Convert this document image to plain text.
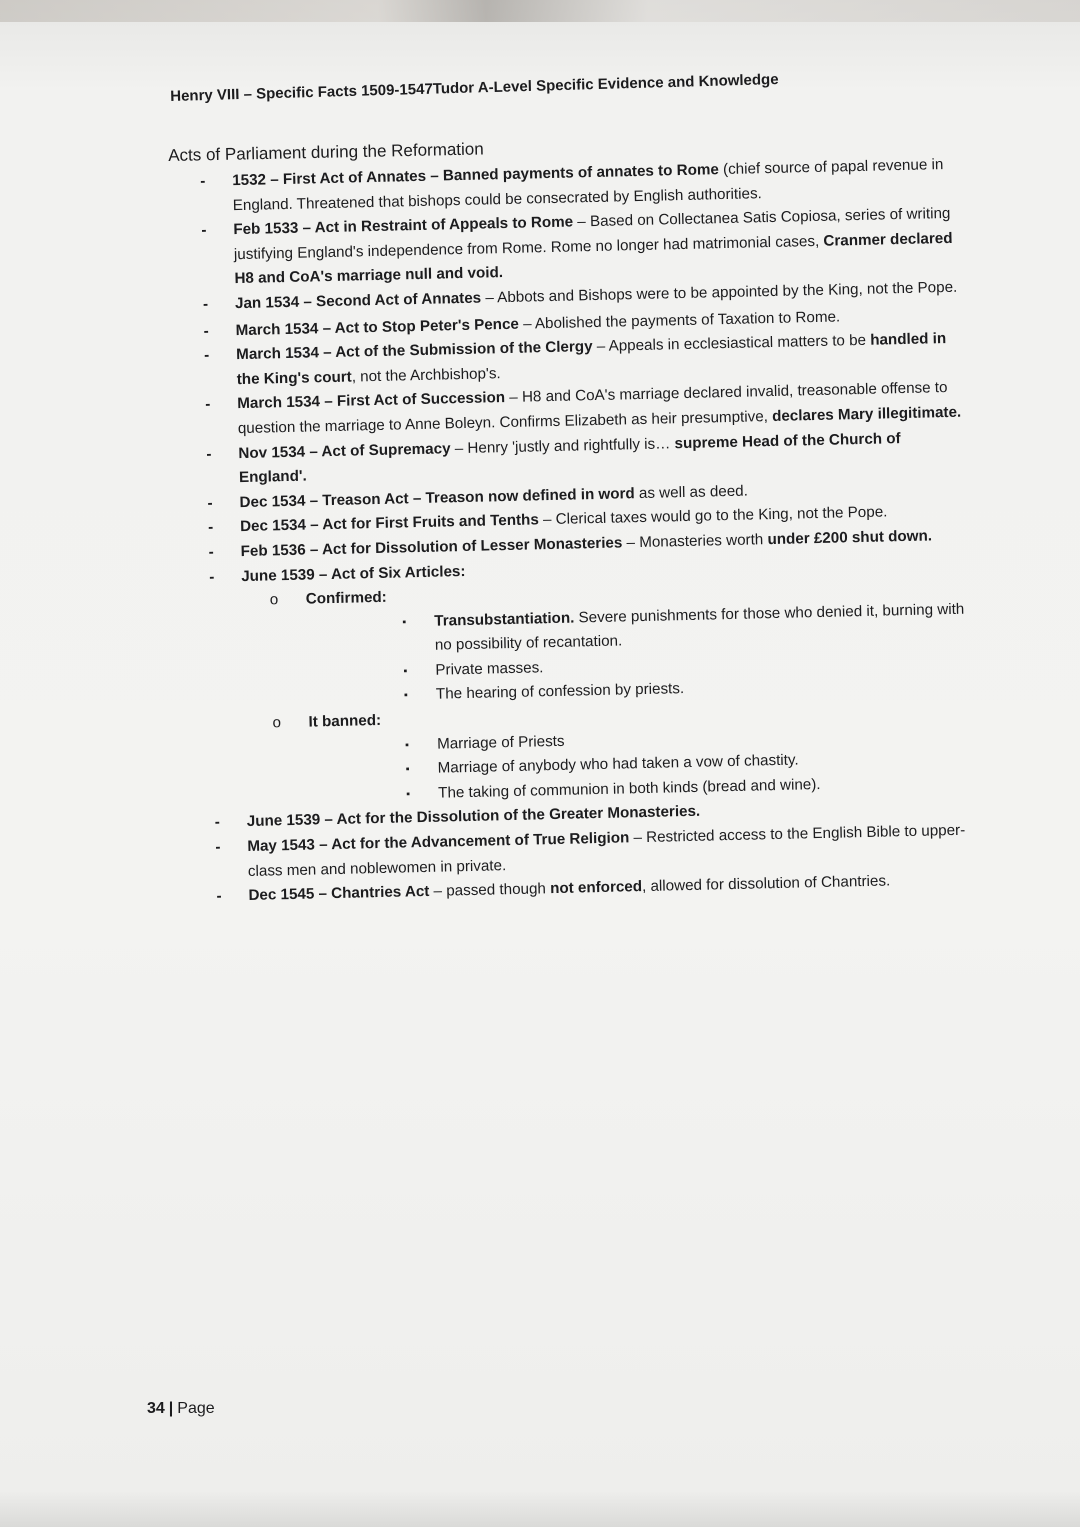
Henry VIII – Specific Facts 1509-1547Tudor A-Level Specific Evidence and Knowledge
Acts of Parliament during the Reformation
- 1532 – First Act of Annates – Banned payments of annates to Rome (chief source of papal revenue in England. Threatened that bishops could be consecrated by English authorities.
- Feb 1533 – Act in Restraint of Appeals to Rome – Based on Collectanea Satis Copiosa, series of writing justifying England's independence from Rome. Rome no longer had matrimonial cases, Cranmer declared H8 and CoA's marriage null and void.
- Jan 1534 – Second Act of Annates – Abbots and Bishops were to be appointed by the King, not the Pope.
- March 1534 – Act to Stop Peter's Pence – Abolished the payments of Taxation to Rome.
- March 1534 – Act of the Submission of the Clergy – Appeals in ecclesiastical matters to be handled in the King's court, not the Archbishop's.
- March 1534 – First Act of Succession – H8 and CoA's marriage declared invalid, treasonable offense to question the marriage to Anne Boleyn. Confirms Elizabeth as heir presumptive, declares Mary illegitimate.
- Nov 1534 – Act of Supremacy – Henry 'justly and rightfully is… supreme Head of the Church of England'.
- Dec 1534 – Treason Act – Treason now defined in word as well as deed.
- Dec 1534 – Act for First Fruits and Tenths – Clerical taxes would go to the King, not the Pope.
- Feb 1536 – Act for Dissolution of Lesser Monasteries – Monasteries worth under £200 shut down.
- June 1539 – Act of Six Articles:
o Confirmed:
▪ Transubstantiation. Severe punishments for those who denied it, burning with no possibility of recantation.
▪ Private masses.
▪ The hearing of confession by priests.
o It banned:
▪ Marriage of Priests
▪ Marriage of anybody who had taken a vow of chastity.
▪ The taking of communion in both kinds (bread and wine).
- June 1539 – Act for the Dissolution of the Greater Monasteries.
- May 1543 – Act for the Advancement of True Religion – Restricted access to the English Bible to upper-class men and noblewomen in private.
- Dec 1545 – Chantries Act – passed though not enforced, allowed for dissolution of Chantries.
34 | Page
